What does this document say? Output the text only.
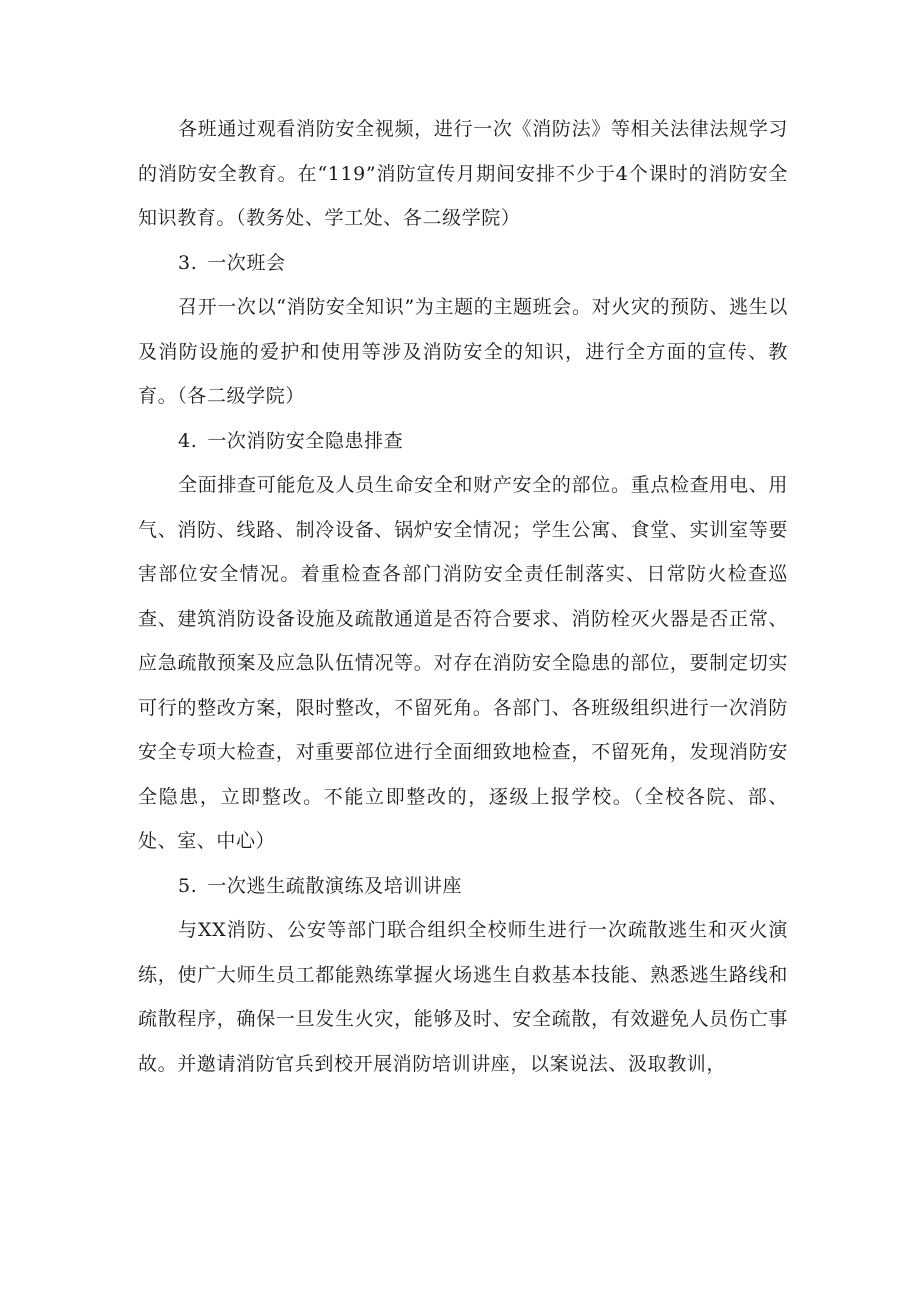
各班通过观看消防安全视频，进行一次《消防法》等相关法律法规学习的消防安全教育。在“119”消防宣传月期间安排不少于4个课时的消防安全知识教育。（教务处、学工处、各二级学院）

3. 一次班会

召开一次以“消防安全知识”为主题的主题班会。对火灾的预防、逃生以及消防设施的爱护和使用等涉及消防安全的知识，进行全方面的宣传、教育。（各二级学院）

4. 一次消防安全隐患排查

全面排查可能危及人员生命安全和财产安全的部位。重点检查用电、用气、消防、线路、制冷设备、锅炉安全情况；学生公寓、食堂、实训室等要害部位安全情况。着重检查各部门消防安全责任制落实、日常防火检查巡查、建筑消防设备设施及疏散通道是否符合要求、消防栓灭火器是否正常、应急疏散预案及应急队伍情况等。对存在消防安全隐患的部位，要制定切实可行的整改方案，限时整改，不留死角。各部门、各班级组织进行一次消防安全专项大检查，对重要部位进行全面细致地检查，不留死角，发现消防安全隐患，立即整改。不能立即整改的，逐级上报学校。（全校各院、部、处、室、中心）

5. 一次逃生疏散演练及培训讲座

与XX消防、公安等部门联合组织全校师生进行一次疏散逃生和灭火演练，使广大师生员工都能熟练掌握火场逃生自救基本技能、熟悉逃生路线和疏散程序，确保一旦发生火灾，能够及时、安全疏散，有效避免人员伤亡事故。并邀请消防官兵到校开展消防培训讲座，以案说法、汲取教训，
